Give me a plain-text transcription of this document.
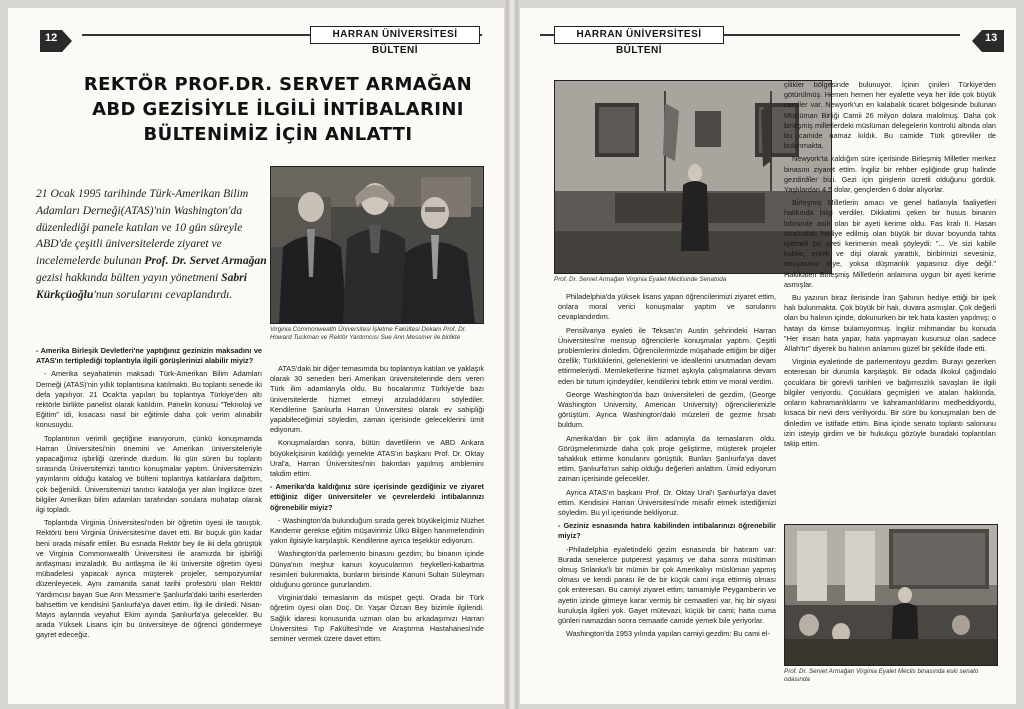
12	HARRAN ÜNİVERSİTESİ BÜLTENİ
REKTÖR PROF.DR. SERVET ARMAĞAN
ABD GEZİSİYLE İLGİLİ İNTİBALARINI
BÜLTENİMİZ İÇİN ANLATTI
21 Ocak 1995 tarihinde Türk-Amerikan Bilim Adamları Derneği(ATAS)'nin Washington'da düzenlediği panele katılan ve 10 gün süreyle ABD'de çeşitli üniversitelerde ziyaret ve incelemelerde bulunan Prof. Dr. Servet Armağan gezisi hakkında bülten yayın yönetmeni Sabri Kürkçüoğlu'nun sorularını cevaplandırdı.
Virginia Commonwealth Üniversitesi İşletme Fakültesi Dekanı Prof. Dr. Howard Tuckman ve Rektör Yardımcısı Sue Ann Messmer ile birlikte

- Amerika Birleşik Devletleri'ne yaptığınız gezinizin maksadını ve ATAS'ın tertiplediği toplantıyla ilgili görüşlerinizi alabilir miyiz?

- Amerika seyahatimin maksadı Türk-Amerikan Bilim Adamları Derneği (ATAS)'nin yıllık toplantısına katılmaktı. Bu toplantı senede iki defa yapılıyor. 21 Ocak'ta yapılan bu toplantıya Türkiye'den altı rektörle birlikte panelist olarak katıldım. Panelin konusu "Teknoloji ve Eğitim" idi, kısacası nasıl bir eğitimle daha çok verim alınabilir konusuydu.

Toplantının verimli geçtiğine inanıyorum, çünkü konuşmamda Harran Üniversitesi'nin önemini ve Amerikan üniversiteleriyle yapacağımız işbirliği üzerinde durdum. İki gün süren bu toplantı sırasında Üniversitemizi tanıtıcı konuşmalar yaptım. Üniversitemizin yayınlarını olduğu katalog ve bülteni toplantıya katılanlara dağıttım, çok beğenildi. Üniversitemizi tanıtıcı kataloğa yer alan İngilizce özet bilgiler Amerikan bilim adamları tarafından sorulara muhatap olarak ilgi topladı.

Toplantıda Virginia Üniversitesi'nden bir öğretim üyesi ile tanıştık. Rektörü beni Virginia Üniversitesi'ne davet etti. Bir buçuk gün kadar beni orada misafir ettiler. Bu esnada Rektör bey ile iki defa görüştük ve Virginia Commonwealth Üniversitesi ile aramızda bir işbirliği antlaşması imzaladık. Bu antlaşma ile iki üniversite öğretim üyesi mübadelesi yapacak ayrıca müşterek projeler, sempozyumlar düzenleyecek. Aynı zamanda sanat tarihi profesörü olan Rektör Yardımcısı bayan Sue Ann Messmer'e Şanlıurfa'daki tarihi eserlerden bahsettim ve kendisini Şanlıurfa'ya davet ettim. İlgi ile dinledi. Nisan-Mayıs aylarında veyahut Ekim ayında Şanlıurfa'ya gelecekler. Bu arada Yüksek Lisans için bu üniversiteye de öğrenci göndermeye gayret edeceğiz.

ATAS'daki bir diğer temasımda bu toplantıya katılan ve yaklaşık olarak 30 seneden beri Amerikan üniversitelerinde ders veren Türk ilim adamlarıyla oldu. Bu hocalarımız Türkiye'de bazı üniversitelerde hizmet etmeyi arzuladıklarını söylediler. Kendilerine Şanlıurfa Harran Üniversitesi olarak ev sahipliği yapabileceğimizi söyledim, zaman içerisinde geleceklerini ümit ediyorum.

Konuşmalardan sonra, bütün davetlilerin ve ABD Ankara büyükelçisinin katıldığı yemekte ATAS'ın başkanı Prof. Dr. Oktay Ural'a, Harran Üniversitesi'nin bakırdan yapılmış ambleminı takdim ettim.

- Amerika'da kaldığınız süre içerisinde gezdiğiniz ve ziyaret ettiğiniz diğer üniversiteler ve çevrelerdeki intibalarınızı öğrenebilir miyiz?

- Washington'da bulunduğum sırada gerek büyükelçimiz Nüzhet Kandemir gerekse eğitim müşavirimiz Ülkü Bilgen hanımefendinin yakın ilgisiyle karşılaştık. Kendilerine ayrıca teşekkür ediyorum.

Washington'da parlemento binasını gezdim; bu binanın içinde Dünya'nın meşhur kanun koyucularının heykelleri-kabartma resimleri bulunmakta, bunların birisinde Kanuni Sultan Süleyman olduğunu görünce gururlandım.

Virginia'daki temaslarım da müspet geçti. Orada bir Türk öğretim üyesi olan Doç. Dr. Yaşar Özcan Bey bizimle ilgilendi. Sağlık idaresi konusunda uzman olan bu arkadaşımızı Harran Üniversitesi Tıp Fakültesi'nde ve Araştırma Hastahanesi'nde seminer vermek üzere davet ettim.

HARRAN ÜNİVERSİTESİ BÜLTENİ
13
Prof. Dr. Servet Armağan Virginia Eyalet Meclisinde Senatoda

Philadelphia'da yüksek lisans yapan öğrencilerimizi ziyaret ettim, onlara moral verici konuşmalar yaptım ve sorularını cevaplandırdım.

Pensilvanya eyaleti ile Teksas'ın Austin şehrindeki Harran Üniversitesi'ne mensup öğrencilerle konuşmalar yaptım. Çeşitli problemlerini dinledim. Öğrencilerimizde müşahade ettiğim bir diğer özellik; Türklüklerini, geleneklerini ve ideallerini unutmadan devam ettirmeleriydi. Memleketlerine hizmet aşkıyla çalışmalarına devam eden bir tutum içindeydiler, kendilerini tebrik ettim ve moral verdim.

George Washington'da bazı üniversiteleri de gezdim, (George Washington University, American University) öğrencilerimizle görüştüm. Ayrıca Washington'daki müzeleri de gezme fırsatı buldum.

Amerika'dan bir çok ilim adamıyla da temaslarım oldu. Görüşmelerimizde daha çok proje geliştirme, müşterek projeler tahakkuk ettirme konularını görüştük. Bunları Şanlıurfa'ya davet ettim. Şanlıurfa'nın sahip olduğu değerleri anlattım. Ümid ediyorum zaman içerisinde gelecekler.

Ayrıca ATAS'ın başkanı Prof. Dr. Oktay Ural'ı Şanlıurfa'ya davet ettim. Kendisini Harran Üniversitesi'nde misafir etmek istediğimizi söyledim. Bu yıl içerisinde bekliyoruz.

- Geziniz esnasında hatıra kabilinden intibalarınızı öğrenebilir miyiz?

-Philadelphia eyaletindeki gezim esnasında bir hatıram var: Burada senelerce putperest yaşamış ve daha sonra müslüman olmuş Srilanka'lı bir mümin bir çok Amerikalıyı müslüman yapmış olması ve kendi parası ile de bir küçük cami inşa ettirmiş olması çok enteresan. Bu camiyi ziyaret ettim; tamamiyle Peygamberin ve ayetin izinde gitmeye karar vermiş bir cemaatleri var, hiç bir siyasi kuruluşla ilgileri yok. Gayet mütevazi, küçük bir cami; hatta cuma günleri namazdan sonra cemaatle camide yemek bile yeriyorlar.

Washington'da 1953 yılında yapılan camiyi gezdim: Bu cami el-

çilikler bölgesinde bulunuyor. İçinin çinileri Türkiye'den götürülmüş. Hemen hemen her eyalette veya her ilde çok büyük camiler var. Newyork'un en kalabalık ticaret bölgesinde bulunan Müslüman Birliği Camii 26 milyon dolara malolmuş. Daha çok birleşmiş milletlerdeki müslüman delegelerin kontrolü altında olan bu camide namaz kıldık. Bu camide Türk görevliler de bulunmakta.

Newyork'ta kaldığım süre içerisinde Birleşmiş Milletler merkez binasını ziyaret ettim. İngiliz bir rehber eşliğinde grup halinde gezdirdiler bizi. Gezi için girişlerin ücretli olduğunu gördük. Yaşlılardan 4,5 dolar, gençlerden 6 dolar alıyorlar.

Birleşmiş Milletlerin amacı ve genel hatlarıyla faaliyetleri hakkında bilgi verdiler. Dikkatimi çeken bir husus binanın lobisinde asılı olan bir ayeti kerime oldu. Fas kralı II. Hasan tarafından hediye edilmiş olan büyük bir duvar boyunda tahta işlemeli bu ayeti kerimenin meali şöyleydi: "... Ve sizi kabile kabile, erkek ve dişi olarak yarattık, biribirinizi sevesiniz, tanışasınız diye, yoksa düşmanlık yapasınız diye değil." Hakikaten Birleşmiş Milletlerin anlamına uygun bir ayeti kerime asmışlar.

Bu yazının biraz ilerisinde İran Şahının hediye ettiği bir ipek halı bulunmakta. Çok büyük bir halı, duvara asmışlar. Çok değerli olan bu halının içinde, dokunurken bir tek hata kasten yapılmış; o hatayı da kimse bulamıyormuş. İngiliz mihmandar bu konuda "Her insan hata yapar, hata yapmayan kusursuz olan sadece Allah'tır" diyerek bu halının anlamını güzel bir şekilde ifade etti.

Virginia eyaletinde de parlementoyu gezdim. Burayı gezerken enteresan bir durumla karşılaştık. Bir odada ilkokul çağındaki çocuklara bir görevli tarihleri ve bağımsızlık savaşları ile ilgili bilgiler veriyordu. Çocuklara geçmişleri ve ataları hakkında, onların kahramanlıklarını ve kahramanlıklarını medheddiyordu, kısaca bir nevi ders veriliyordu. Bir süre bu konuşmaları ben de dinledim ve istifade ettim. Bina içinde senato toplantı salonunu izin isteyip girdim ve bir hukukçu gözüyle buradaki toplantıları takip ettim.

Prof. Dr. Servet Armağan Virginia Eyalet Meclis binasında eski senato odasında
